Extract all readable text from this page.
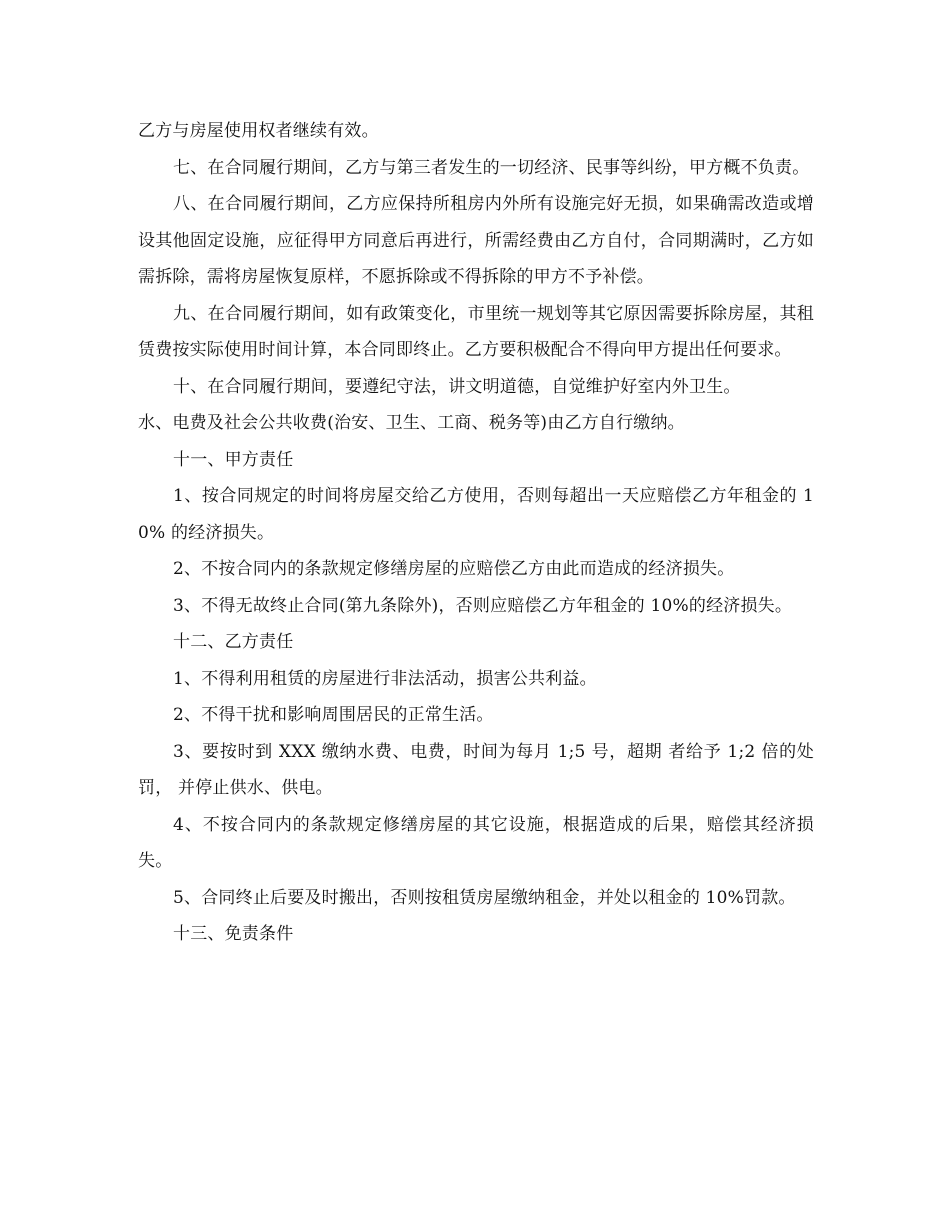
乙方与房屋使用权者继续有效。

七、在合同履行期间，乙方与第三者发生的一切经济、民事等纠纷，甲方概不负责。

八、在合同履行期间，乙方应保持所租房内外所有设施完好无损，如果确需改造或增设其他固定设施，应征得甲方同意后再进行，所需经费由乙方自付，合同期满时，乙方如需拆除，需将房屋恢复原样，不愿拆除或不得拆除的甲方不予补偿。

九、在合同履行期间，如有政策变化，市里统一规划等其它原因需要拆除房屋，其租赁费按实际使用时间计算，本合同即终止。乙方要积极配合不得向甲方提出任何要求。

十、在合同履行期间，要遵纪守法，讲文明道德，自觉维护好室内外卫生。

水、电费及社会公共收费(治安、卫生、工商、税务等)由乙方自行缴纳。

十一、甲方责任

1、按合同规定的时间将房屋交给乙方使用，否则每超出一天应赔偿乙方年租金的 10% 的经济损失。

2、不按合同内的条款规定修缮房屋的应赔偿乙方由此而造成的经济损失。

3、不得无故终止合同(第九条除外)，否则应赔偿乙方年租金的 10%的经济损失。

十二、乙方责任

1、不得利用租赁的房屋进行非法活动，损害公共利益。

2、不得干扰和影响周围居民的正常生活。

3、要按时到 XXX 缴纳水费、电费，时间为每月 1;5 号，超期 者给予 1;2 倍的处罚， 并停止供水、供电。

4、不按合同内的条款规定修缮房屋的其它设施，根据造成的后果，赔偿其经济损失。

5、合同终止后要及时搬出，否则按租赁房屋缴纳租金，并处以租金的 10%罚款。

十三、免责条件
